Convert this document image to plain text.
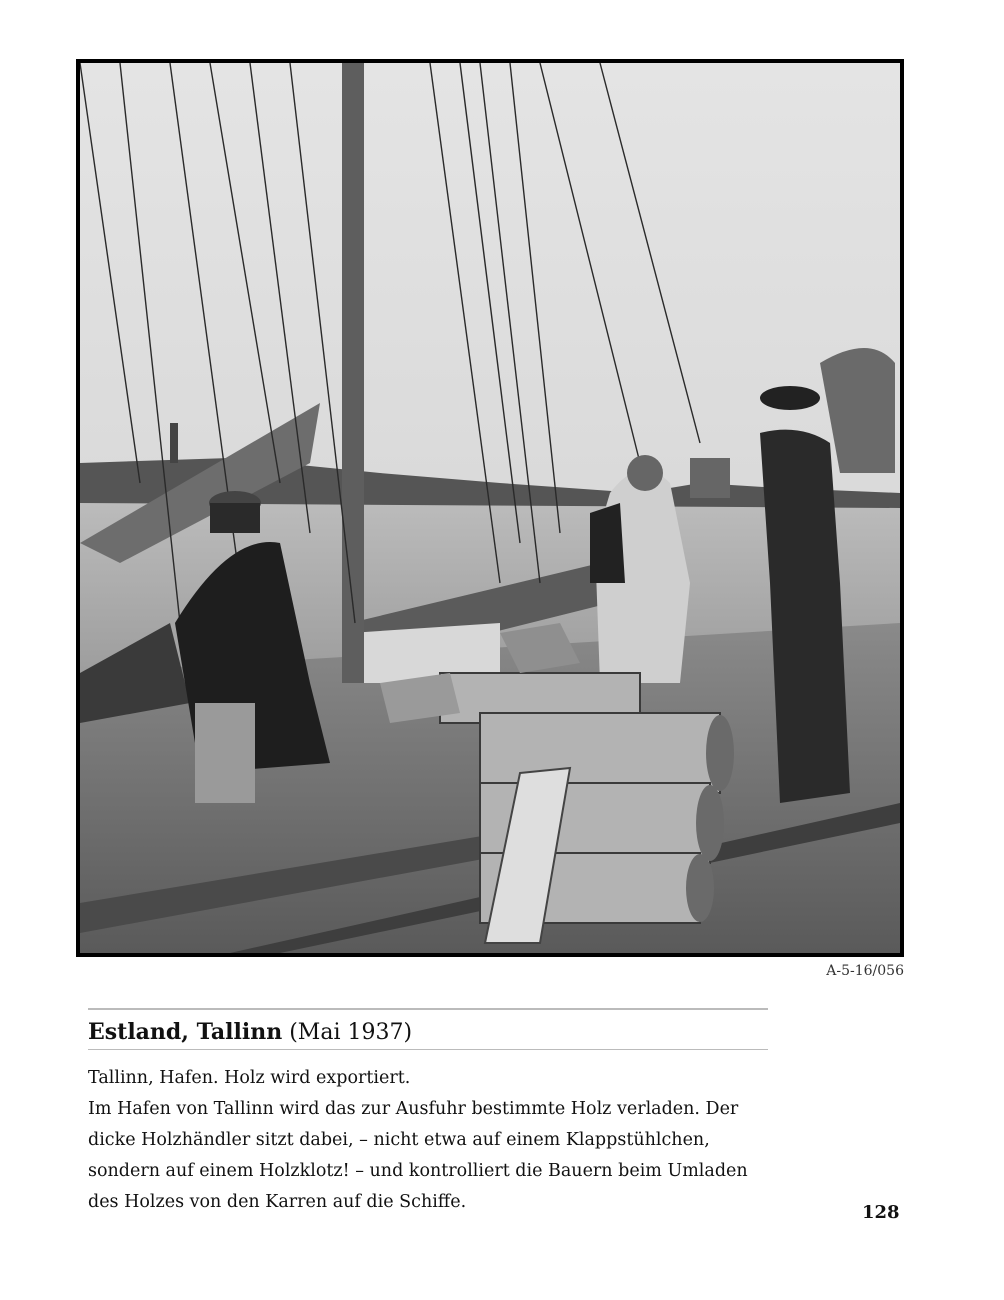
A-5-16/056
Estland, Tallinn (Mai 1937)

Tallinn, Hafen. Holz wird exportiert.

Im Hafen von Tallinn wird das zur Ausfuhr bestimmte Holz verladen. Der

dicke Holzhändler sitzt dabei, – nicht etwa auf einem Klappstühlchen,

sondern auf einem Holzklotz! – und kontrolliert die Bauern beim Umladen

des Holzes von den Karren auf die Schiffe.	128
